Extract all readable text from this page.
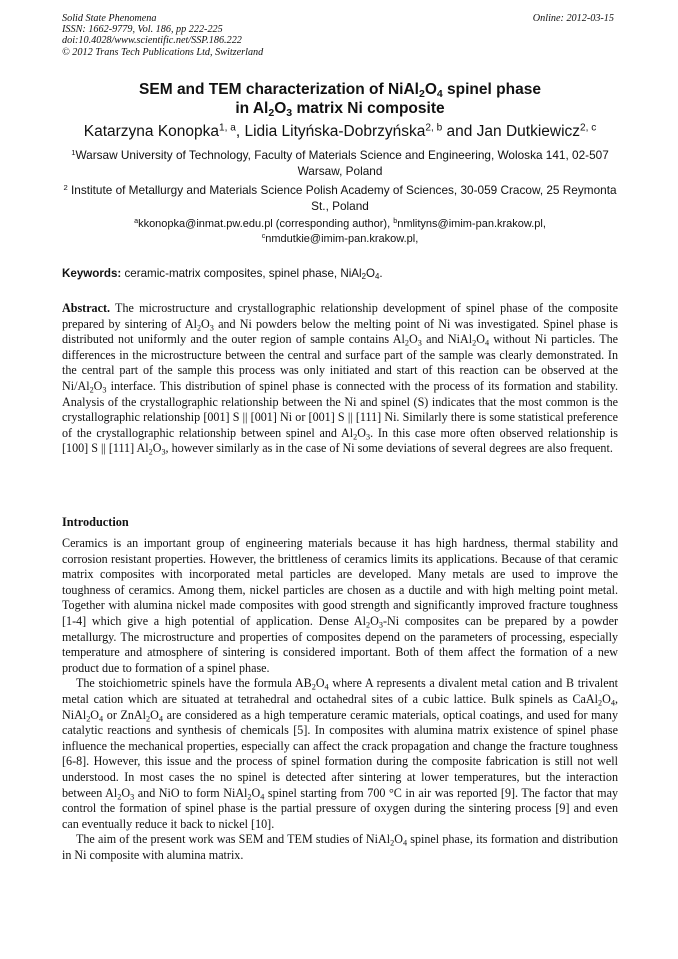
Solid State Phenomena
ISSN: 1662-9779, Vol. 186, pp 222-225
doi:10.4028/www.scientific.net/SSP.186.222
© 2012 Trans Tech Publications Ltd, Switzerland
Online: 2012-03-15
SEM and TEM characterization of $NiAl_2O_4$ spinel phase
in $Al_2O_3$ matrix Ni composite
Katarzyna Konopka$^{1, a}$, Lidia Lityńska-Dobrzyńska$^{2, b}$ and Jan Dutkiewicz$^{2, c}$
$^1$Warsaw University of Technology, Faculty of Materials Science and Engineering, Woloska 141, 02-507 Warsaw, Poland
$^2$ Institute of Metallurgy and Materials Science Polish Academy of Sciences, 30-059 Cracow, 25 Reymonta St., Poland
$^a$kkonopka@inmat.pw.edu.pl (corresponding author), $^b$nmlityns@imim-pan.krakow.pl,
$^c$nmdutkie@imim-pan.krakow.pl,
Keywords: ceramic-matrix composites, spinel phase, $NiAl_2O_4$.
Abstract. The microstructure and crystallographic relationship development of spinel phase of the composite prepared by sintering of $Al_2O_3$ and Ni powders below the melting point of Ni was investigated. Spinel phase is distributed not uniformly and the outer region of sample contains $Al_2O_3$ and $NiAl_2O_4$ without Ni particles. The differences in the microstructure between the central and surface part of the sample was clearly demonstrated. In the central part of the sample this process was only initiated and start of this reaction can be observed at the $Ni/Al_2O_3$ interface. This distribution of spinel phase is connected with the process of its formation and stability. Analysis of the crystallographic relationship between the Ni and spinel (S) indicates that the most common is the crystallographic relationship [001] S || [001] Ni or [001] S || [111] Ni. Similarly there is some statistical preference of the crystallographic relationship between spinel and $Al_2O_3$. In this case more often observed relationship is [100] S || [111] $Al_2O_3$, however similarly as in the case of Ni some deviations of several degrees are also frequent.
Introduction

Ceramics is an important group of engineering materials because it has high hardness, thermal stability and corrosion resistant properties. However, the brittleness of ceramics limits its applications. Because of that ceramic matrix composites with incorporated metal particles are developed. Many metals are used to improve the toughness of ceramics. Among them, nickel particles are chosen as a ductile and with high melting point metal. Together with alumina nickel made composites with good strength and significantly improved fracture toughness [1-4] which give a high potential of application. Dense $Al_2O_3-Ni$ composites can be prepared by a powder metallurgy. The microstructure and properties of composites depend on the parameters of processing, especially temperature and atmosphere of sintering is considered important. Both of them affect the formation of a new product due to formation of a spinel phase.

The stoichiometric spinels have the formula $AB_2O_4$ where A represents a divalent metal cation and B trivalent metal cation which are situated at tetrahedral and octahedral sites of a cubic lattice. Bulk spinels as $CaAl_2O_4$, $NiAl_2O_4$ or $ZnAl_2O_4$ are considered as a high temperature ceramic materials, optical coatings, and used for many catalytic reactions and synthesis of chemicals [5]. In composites with alumina matrix existence of spinel phase influence the mechanical properties, especially can affect the crack propagation and change the fracture toughness [6-8]. However, this issue and the process of spinel formation during the composite fabrication is still not well understood. In most cases the no spinel is detected after sintering at lower temperatures, but the interaction between $Al_2O_3$ and NiO to form $NiAl_2O_4$ spinel starting from 700 °C in air was reported [9]. The factor that may control the formation of spinel phase is the partial pressure of oxygen during the sintering process [9] and even can eventually reduce it back to nickel [10].

The aim of the present work was SEM and TEM studies of $NiAl_2O_4$ spinel phase, its formation and distribution in Ni composite with alumina matrix.
